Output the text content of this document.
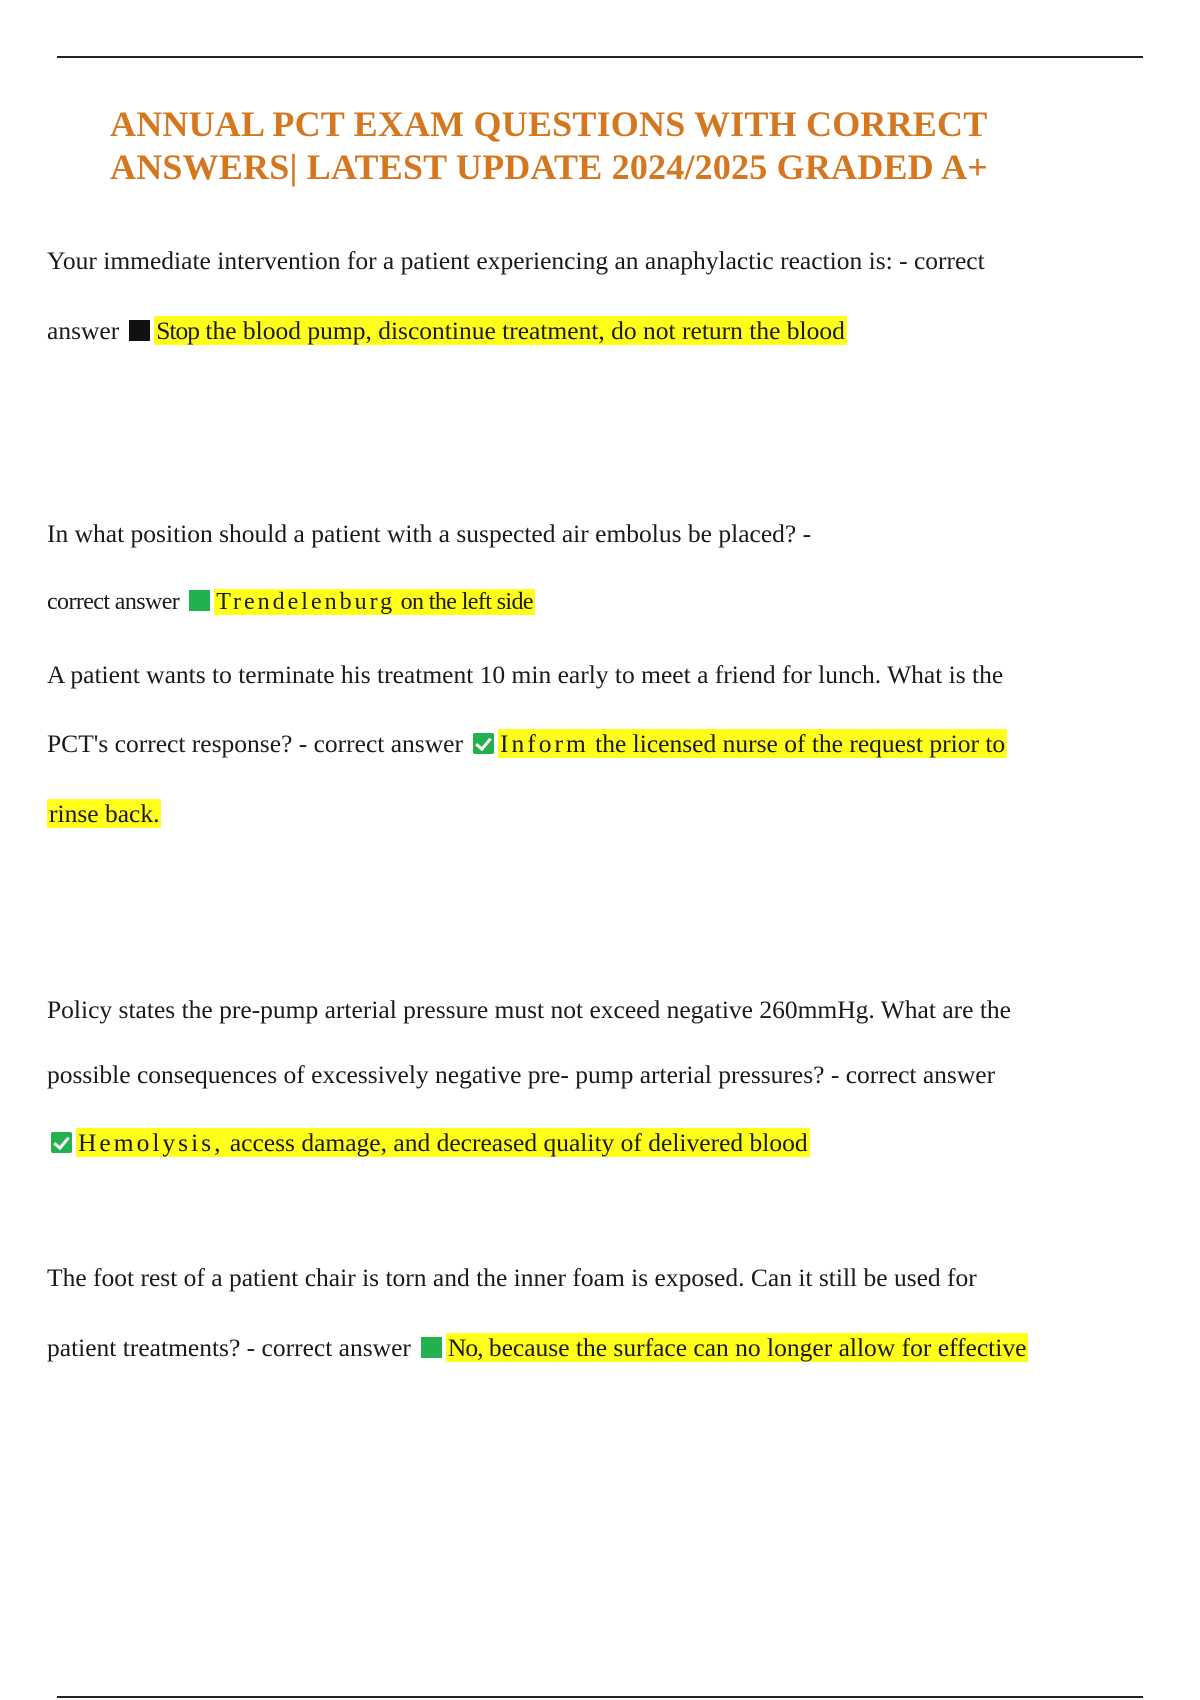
ANNUAL PCT EXAM QUESTIONS WITH CORRECT
ANSWERS| LATEST UPDATE 2024/2025 GRADED A+
Your immediate intervention for a patient experiencing an anaphylactic reaction is: - correct
answer Stop the blood pump, discontinue treatment, do not return the blood
In what position should a patient with a suspected air embolus be placed? -
correct answer Trendelenburg on the left side
A patient wants to terminate his treatment 10 min early to meet a friend for lunch. What is the
PCT's correct response? - correct answer Inform the licensed nurse of the request prior to
rinse back.
Policy states the pre-pump arterial pressure must not exceed negative 260mmHg. What are the
possible consequences of excessively negative pre- pump arterial pressures? - correct answer
Hemolysis, access damage, and decreased quality of delivered blood
The foot rest of a patient chair is torn and the inner foam is exposed. Can it still be used for
patient treatments? - correct answer No, because the surface can no longer allow for effective
